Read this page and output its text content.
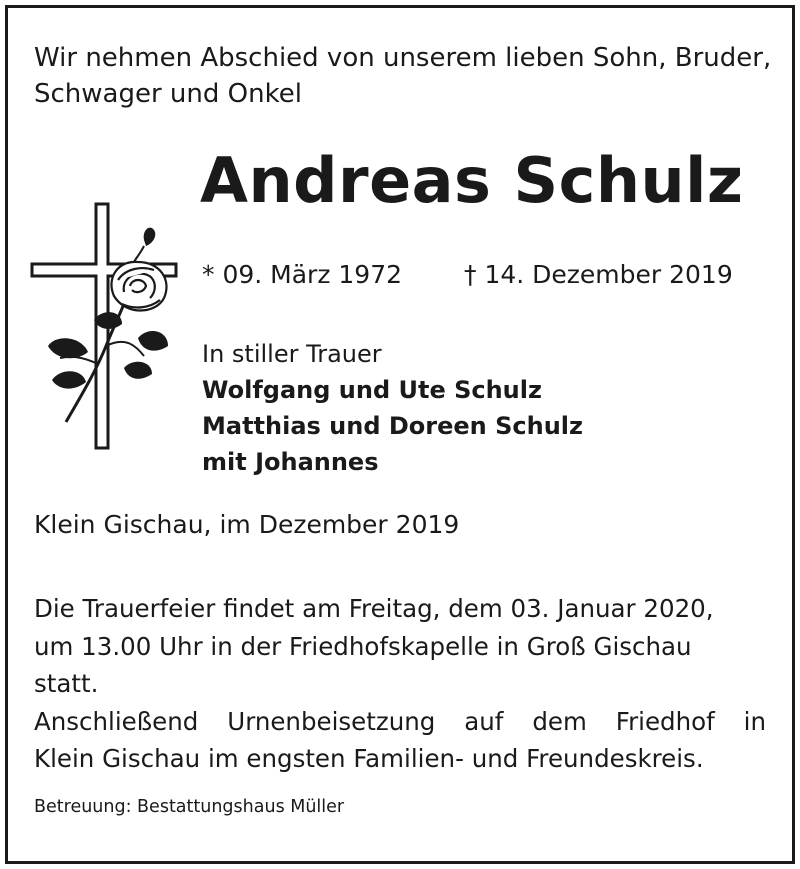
Wir nehmen Abschied von unserem lieben Sohn, Bruder,
Schwager und Onkel
Andreas Schulz
* 09. März 1972 † 14. Dezember 2019
In stiller Trauer
Wolfgang und Ute Schulz
Matthias und Doreen Schulz
mit Johannes
Klein Gischau, im Dezember 2019
Die Trauerfeier findet am Freitag, dem 03. Januar 2020,
um 13.00 Uhr in der Friedhofskapelle in Groß Gischau
statt.
Anschließend Urnenbeisetzung auf dem Friedhof in
Klein Gischau im engsten Familien- und Freundeskreis.
Betreuung: Bestattungshaus Müller
